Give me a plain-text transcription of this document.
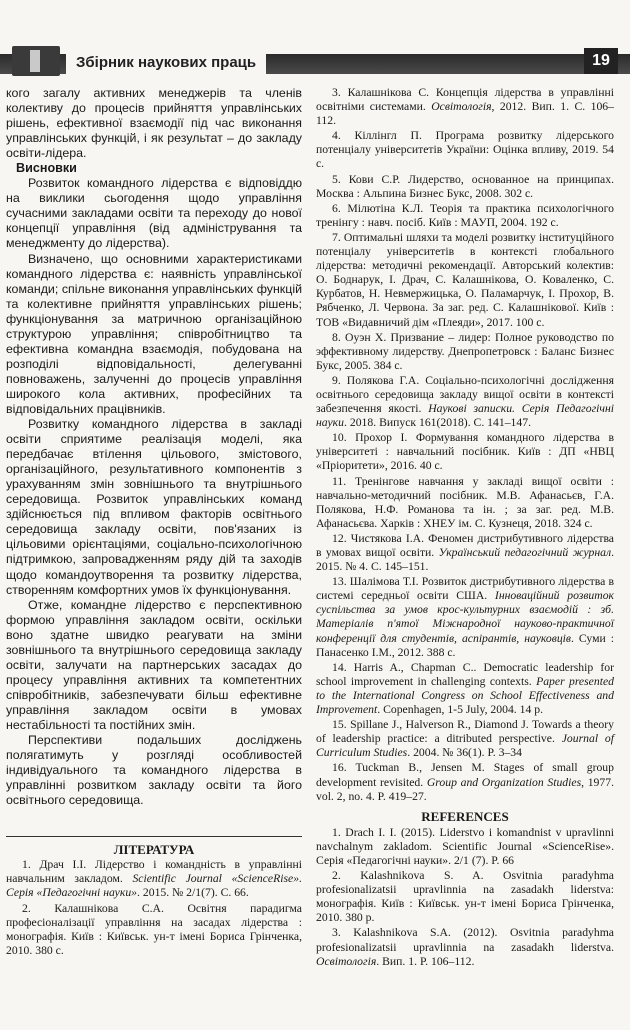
Збірник наукових праць	19

кого загалу активних менеджерів та членів колективу до процесів прийняття управлінських рішень, ефективної взаємодії під час виконання управлінських функцій, і як результат – до закладу освіти-лідера.

Висновки

Розвиток командного лідерства є відповіддю на виклики сьогодення щодо управління сучасними закладами освіти та переходу до нової концепції управління (від адміністрування та менеджменту до лідерства).

Визначено, що основними характеристиками командного лідерства є: наявність управлінської команди; спільне виконання управлінських функцій та колективне прийняття управлінських рішень; функціонування за матричною організаційною структурою управління; співробітництво та ефективна командна взаємодія, побудована на розподілі відповідальності, делегуванні повноважень, залученні до процесів управління широкого кола активних, професійних та відповідальних працівників.

Розвитку командного лідерства в закладі освіти сприятиме реалізація моделі, яка передбачає втілення цільового, змістового, організаційного, результативного компонентів з урахуванням змін зовнішнього та внутрішнього середовища. Розвиток управлінських команд здійснюється під впливом факторів освітнього середовища закладу освіти, пов'язаних із цільовими орієнтаціями, соціально-психологічною підтримкою, запровадженням ряду дій та заходів щодо командоутворення та розвитку лідерства, створенням комфортних умов їх функціонування.

Отже, командне лідерство є перспективною формою управління закладом освіти, оскільки воно здатне швидко реагувати на зміни зовнішнього та внутрішнього середовища закладу освіти, залучати на партнерських засадах до процесу управління активних та компетентних співробітників, забезпечувати більш ефективне управління закладом освіти в умовах нестабільності та постійних змін.

Перспективи подальших досліджень полягатимуть у розгляді особливостей індивідуального та командного лідерства в управлінні розвитком закладу освіти та його освітнього середовища.

ЛІТЕРАТУРА

1. Драч І.І. Лідерство і командність в управлінні навчальним закладом. Scientific Journal «ScienceRise». Серія «Педагогічні науки». 2015. № 2/1(7). С. 66.

2. Калашнікова С.А. Освітня парадигма професіоналізації управління на засадах лідерства : монографія. Київ : Київськ. ун-т імені Бориса Грінченка, 2010. 380 с.

3. Калашнікова С. Концепція лідерства в управлінні освітніми системами. Освітологія, 2012. Вип. 1. С. 106–112.

4. Кіллінгл П. Програма розвитку лідерського потенціалу університетів України: Оцінка впливу, 2019. 54 с.

5. Кови С.Р. Лидерство, основанное на принципах. Москва : Альпина Бизнес Букс, 2008. 302 с.

6. Мілютіна К.Л. Теорія та практика психологічного тренінгу : навч. посіб. Київ : МАУП, 2004. 192 с.

7. Оптимальні шляхи та моделі розвитку інституційного потенціалу університетів в контексті глобального лідерства: методичні рекомендації. Авторський колектив: О. Боднарук, І. Драч, С. Калашнікова, О. Коваленко, С. Курбатов, Н. Невмержицька, О. Паламарчук, І. Прохор, В. Рябченко, Л. Червона. За заг. ред. С. Калашнікової. Київ : ТОВ «Видавничий дім «Плеяди», 2017. 100 с.

8. Оуэн Х. Призвание – лидер: Полное руководство по эффективному лидерству. Днепропетровск : Баланс Бизнес Букс, 2005. 384 с.

9. Полякова Г.А. Соціально-психологічні дослідження освітнього середовища закладу вищої освіти в контексті забезпечення якості. Наукові записки. Серія Педагогічні науки. 2018. Випуск 161(2018). С. 141–147.

10. Прохор І. Формування командного лідерства в університеті : навчальний посібник. Київ : ДП «НВЦ «Пріоритети», 2016. 40 с.

11. Тренінгове навчання у закладі вищої освіти : навчально-методичний посібник. М.В. Афанасьєв, Г.А. Полякова, Н.Ф. Романова та ін. ; за заг. ред. М.В. Афанасьєва. Харків : ХНЕУ ім. С. Кузнеця, 2018. 324 с.

12. Чистякова І.А. Феномен дистрибутивного лідерства в умовах вищої освіти. Український педагогічний журнал. 2015. № 4. С. 145–151.

13. Шалімова Т.І. Розвиток дистрибутивного лідерства в системі середньої освіти США. Інноваційний розвиток суспільства за умов крос-культурних взаємодій : зб. Матеріалів п'ятої Міжнародної науково-практичної конференції для студентів, аспірантів, науковців. Суми : Панасенко І.М., 2012. 388 с.

14. Harris A., Chapman C.. Democratic leadership for school improvement in challenging contexts. Paper presented to the International Congress on School Effectiveness and Improvement. Copenhagen, 1-5 July, 2004. 14 p.

15. Spillane J., Halverson R., Diamond J. Towards a theory of leadership practice: a ditributed perspective. Journal of Curriculum Studies. 2004. № 36(1). P. 3–34

16. Tuckman B., Jensen M. Stages of small group development revisited. Group and Organization Studies, 1977. vol. 2, no. 4. P. 419–27.

REFERENCES

1. Drach I. I. (2015). Liderstvo i komandnist v upravlinni navchalnym zakladom. Scientific Journal «ScienceRise». Серія «Педагогічні науки». 2/1 (7). P. 66

2. Kalashnikova S. A. Osvitnia paradyhma profesionalizatsii upravlinnia na zasadakh liderstva: монографія. Київ : Київськ. ун-т імені Бориса Грінченка, 2010. 380 p.

3. Kalashnikova S.A. (2012). Osvitnia paradyhma profesionalizatsii upravlinnia na zasadakh liderstva. Освітологія. Вип. 1. P. 106–112.
